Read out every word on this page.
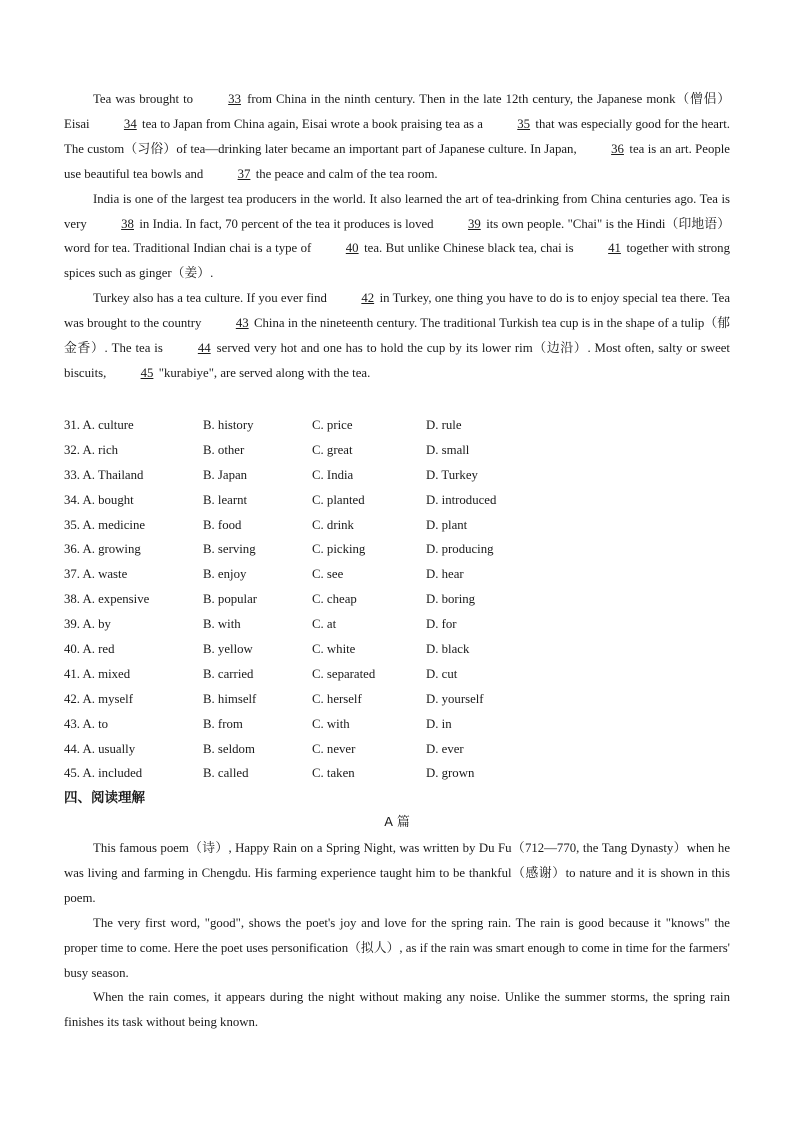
Tea was brought to 33 from China in the ninth century. Then in the late 12th century, the Japanese monk（僧侣）Eisai 34 tea to Japan from China again, Eisai wrote a book praising tea as a 35 that was especially good for the heart. The custom（习俗）of tea—drinking later became an important part of Japanese culture. In Japan, 36 tea is an art. People use beautiful tea bowls and 37 the peace and calm of the tea room.

India is one of the largest tea producers in the world. It also learned the art of tea-drinking from China centuries ago. Tea is very 38 in India. In fact, 70 percent of the tea it produces is loved 39 its own people. "Chai" is the Hindi（印地语）word for tea. Traditional Indian chai is a type of 40 tea. But unlike Chinese black tea, chai is 41 together with strong spices such as ginger（姜）.

Turkey also has a tea culture. If you ever find 42 in Turkey, one thing you have to do is to enjoy special tea there. Tea was brought to the country 43 China in the nineteenth century. The traditional Turkish tea cup is in the shape of a tulip（郁金香）. The tea is 44 served very hot and one has to hold the cup by its lower rim（边沿）. Most often, salty or sweet biscuits, 45 "kurabiye", are served along with the tea.

31. A. culture	B. history	C. price	D. rule
32. A. rich	B. other	C. great	D. small
33. A. Thailand	B. Japan	C. India	D. Turkey
34. A. bought	B. learnt	C. planted	D. introduced
35. A. medicine	B. food	C. drink	D. plant
36. A. growing	B. serving	C. picking	D. producing
37. A. waste	B. enjoy	C. see	D. hear
38. A. expensive	B. popular	C. cheap	D. boring
39. A. by	B. with	C. at	D. for
40. A. red	B. yellow	C. white	D. black
41. A. mixed	B. carried	C. separated	D. cut
42. A. myself	B. himself	C. herself	D. yourself
43. A. to	B. from	C. with	D. in
44. A. usually	B. seldom	C. never	D. ever
45. A. included	B. called	C. taken	D. grown
四、阅读理解
A 篇

This famous poem（诗）, Happy Rain on a Spring Night, was written by Du Fu（712—770, the Tang Dynasty）when he was living and farming in Chengdu. His farming experience taught him to be thankful（感谢）to nature and it is shown in this poem.

The very first word, "good", shows the poet's joy and love for the spring rain. The rain is good because it "knows" the proper time to come. Here the poet uses personification（拟人）, as if the rain was smart enough to come in time for the farmers' busy season.

When the rain comes, it appears during the night without making any noise. Unlike the summer storms, the spring rain finishes its task without being known.
